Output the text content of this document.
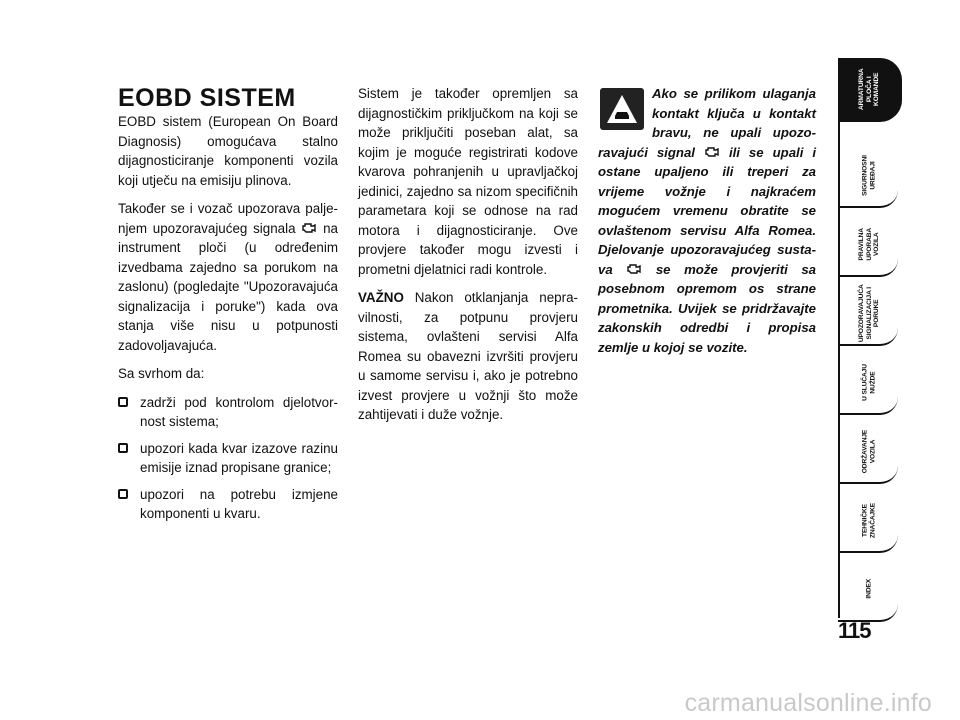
EOBD SISTEM

EOBD sistem (European On Board Diagnosis) omogućava stalno dijagnosticiranje komponenti vozila koji utječu na emisiju plinova.

Također se i vozač upozorava palje-njem upozoravajućeg signala na instrument ploči (u određenim izvedbama zajedno sa porukom na zaslonu) (pogledajte "Upozoravajuća signalizacija i poruke") kada ova stanja više nisu u potpunosti zadovoljavajuća.

Sa svrhom da:

zadrži pod kontrolom djelotvor-nost sistema;
upozori kada kvar izazove razinu emisije iznad propisane granice;
upozori na potrebu izmjene komponenti u kvaru.

Sistem je također opremljen sa dijagnostičkim priključkom na koji se može priključiti poseban alat, sa kojim je moguće registrirati kodove kvarova pohranjenih u upravljačkoj jedinici, zajedno sa nizom specifičnih parametara koji se odnose na rad motora i dijagnosticiranje. Ove provjere također mogu izvesti i prometni djelatnici radi kontrole.

VAŽNO Nakon otklanjanja nepra-vilnosti, za potpunu provjeru sistema, ovlašteni servisi Alfa Romea su obavezni izvršiti provjeru u samome servisu i, ako je potrebno izvest provjere u vožnji što može zahtijevati i duže vožnje.

Ako se prilikom ulaganja kontakt ključa u kontakt bravu, ne upali upozo-ravajući signal	ili se upali i ostane upaljeno ili treperi za vrijeme vožnje i najkraćem mogućem vremenu obratite se ovlaštenom servisu Alfa Romea. Djelovanje upozoravajućeg susta-va	se može provjeriti sa posebnom opremom os strane prometnika. Uvijek se pridržavajte zakonskih odredbi i propisa zemlje u kojoj se vozite.
ARMATURNA
PLOČA I
KOMANDE
SIGURNOSNI
UREĐAJI
PRAVILNA
UPORABA
VOZILA
UPOZORAVAJUĆA
SIGNALIZACIJA I
PORUKE
U SLUČAJU
NUŽDE
ODRŽAVANJE
VOZILA
TEHNIČKE
ZNAČAJKE
INDEX
115
carmanualsonline.info
